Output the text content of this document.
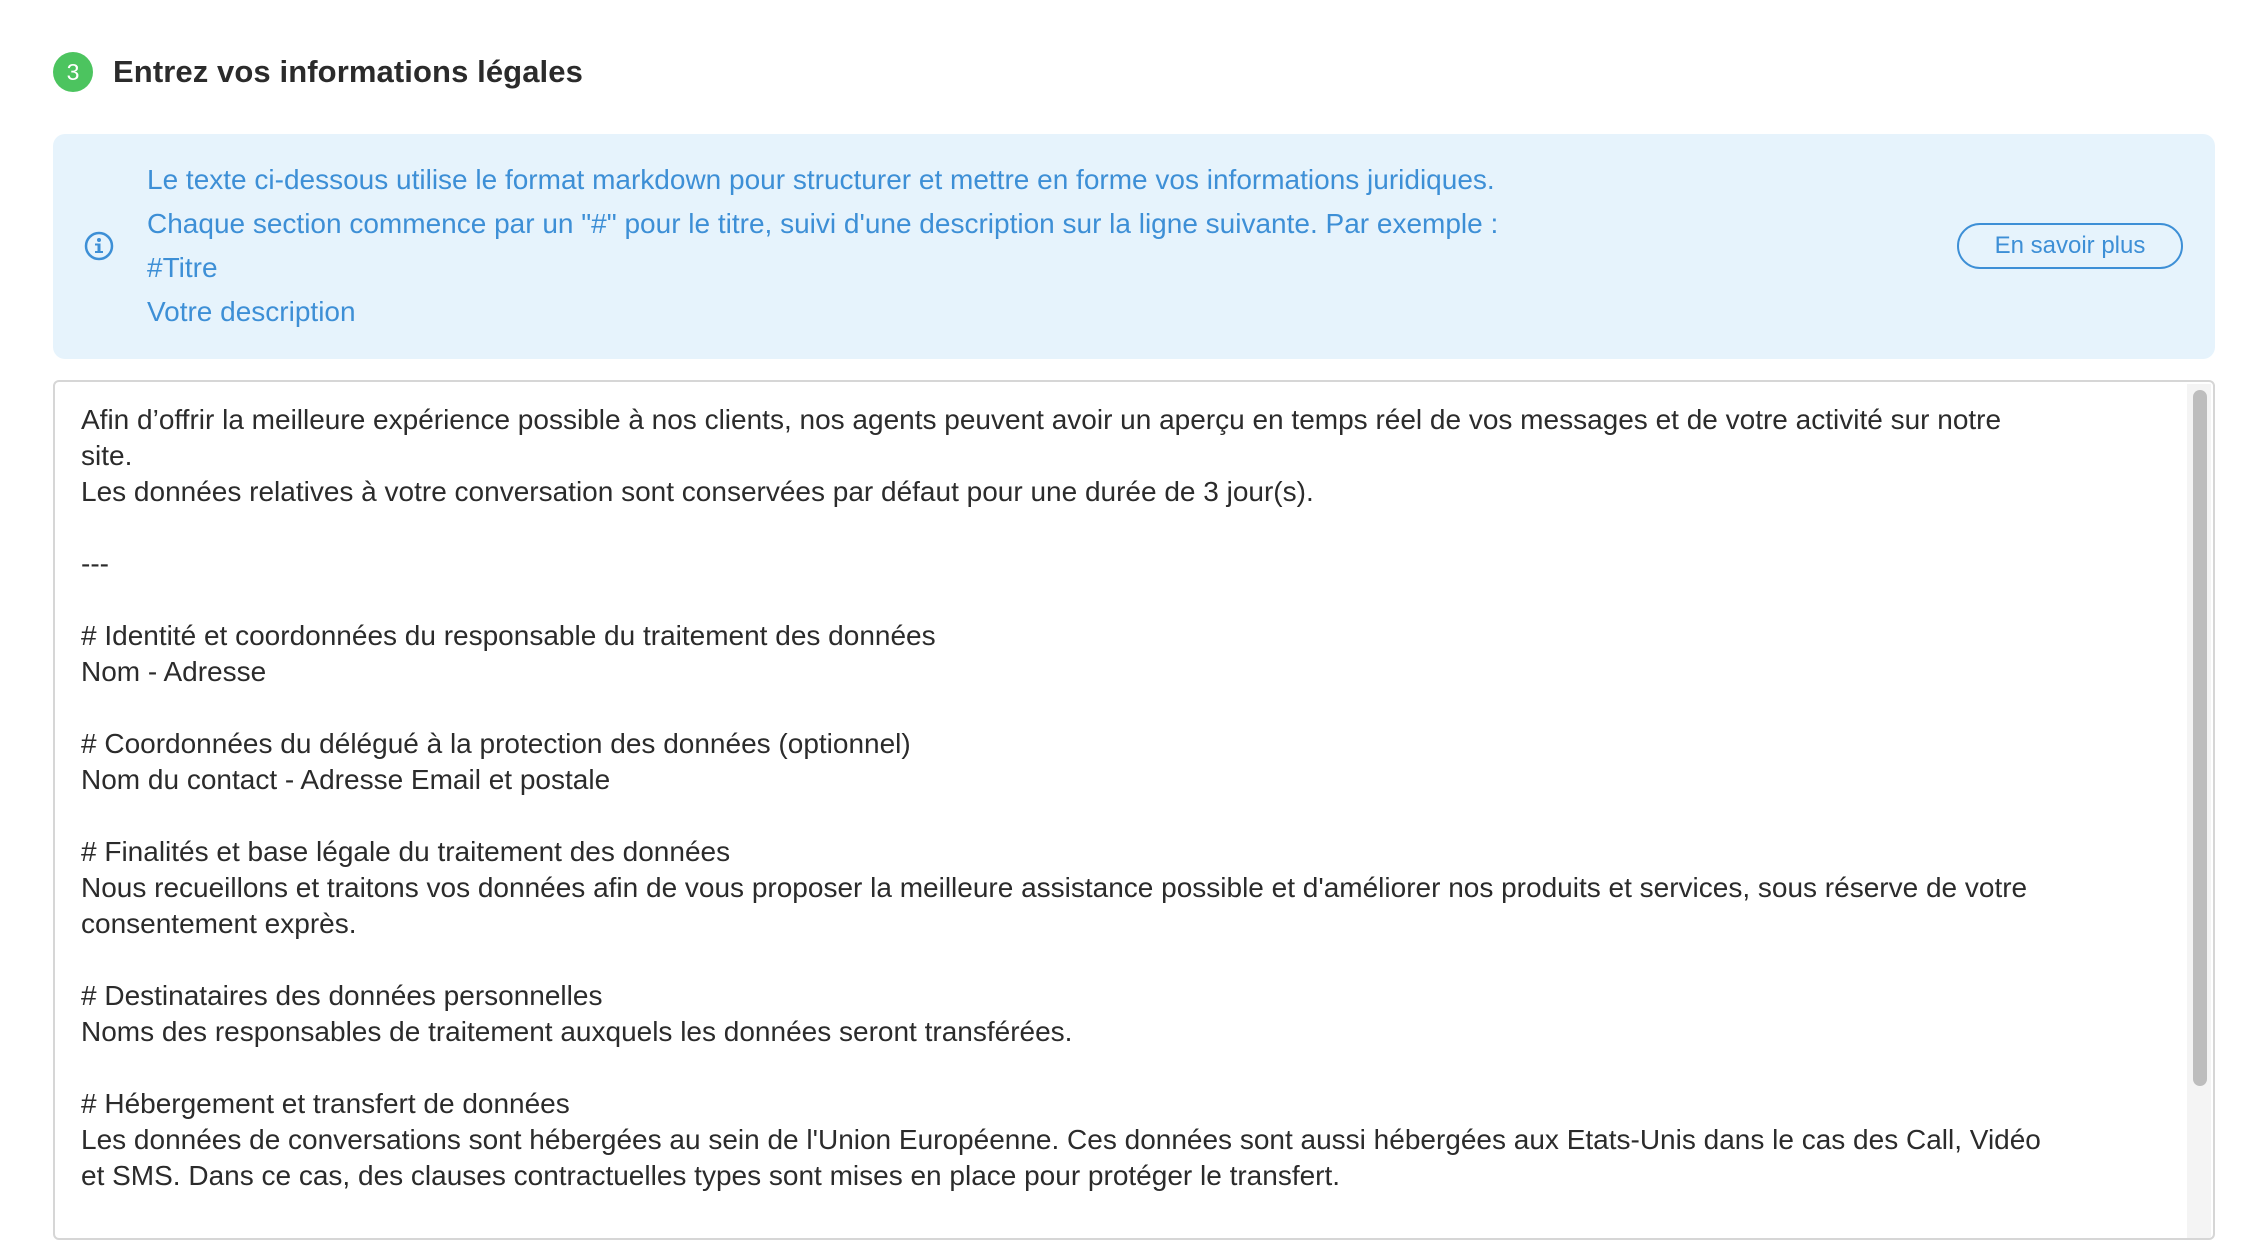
3	Entrez vos informations légales
Le texte ci-dessous utilise le format markdown pour structurer et mettre en forme vos informations juridiques.
Chaque section commence par un "#" pour le titre, suivi d'une description sur la ligne suivante. Par exemple :
#Titre
Votre description
En savoir plus
Afin d’offrir la meilleure expérience possible à nos clients, nos agents peuvent avoir un aperçu en temps réel de vos messages et de votre activité sur notre
site.
Les données relatives à votre conversation sont conservées par défaut pour une durée de 3 jour(s).
---
# Identité et coordonnées du responsable du traitement des données
Nom - Adresse
# Coordonnées du délégué à la protection des données (optionnel)
Nom du contact - Adresse Email et postale
# Finalités et base légale du traitement des données
Nous recueillons et traitons vos données afin de vous proposer la meilleure assistance possible et d'améliorer nos produits et services, sous réserve de votre
consentement exprès.
# Destinataires des données personnelles
Noms des responsables de traitement auxquels les données seront transférées.
# Hébergement et transfert de données
Les données de conversations sont hébergées au sein de l'Union Européenne. Ces données sont aussi hébergées aux Etats-Unis dans le cas des Call, Vidéo
et SMS. Dans ce cas, des clauses contractuelles types sont mises en place pour protéger le transfert.
